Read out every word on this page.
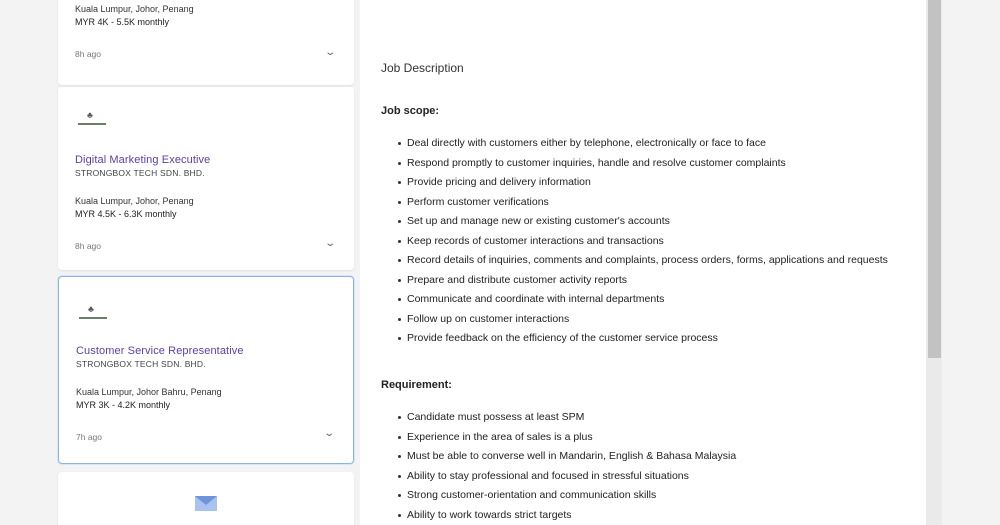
Kuala Lumpur, Johor, Penang
MYR 4K - 5.5K monthly
8h ago	⌄
♣
Digital Marketing Executive
STRONGBOX TECH SDN. BHD.
Kuala Lumpur, Johor, Penang
MYR 4.5K - 6.3K monthly
8h ago	⌄
♣
Customer Service Representative
STRONGBOX TECH SDN. BHD.
Kuala Lumpur, Johor Bahru, Penang
MYR 3K - 4.2K monthly
7h ago	⌄
Job Description
Job scope:
Deal directly with customers either by telephone, electronically or face to face
Respond promptly to customer inquiries, handle and resolve customer complaints
Provide pricing and delivery information
Perform customer verifications
Set up and manage new or existing customer's accounts
Keep records of customer interactions and transactions
Record details of inquiries, comments and complaints, process orders, forms, applications and requests
Prepare and distribute customer activity reports
Communicate and coordinate with internal departments
Follow up on customer interactions
Provide feedback on the efficiency of the customer service process
Requirement:
Candidate must possess at least SPM
Experience in the area of sales is a plus
Must be able to converse well in Mandarin, English & Bahasa Malaysia
Ability to stay professional and focused in stressful situations
Strong customer-orientation and communication skills
Ability to work towards strict targets
